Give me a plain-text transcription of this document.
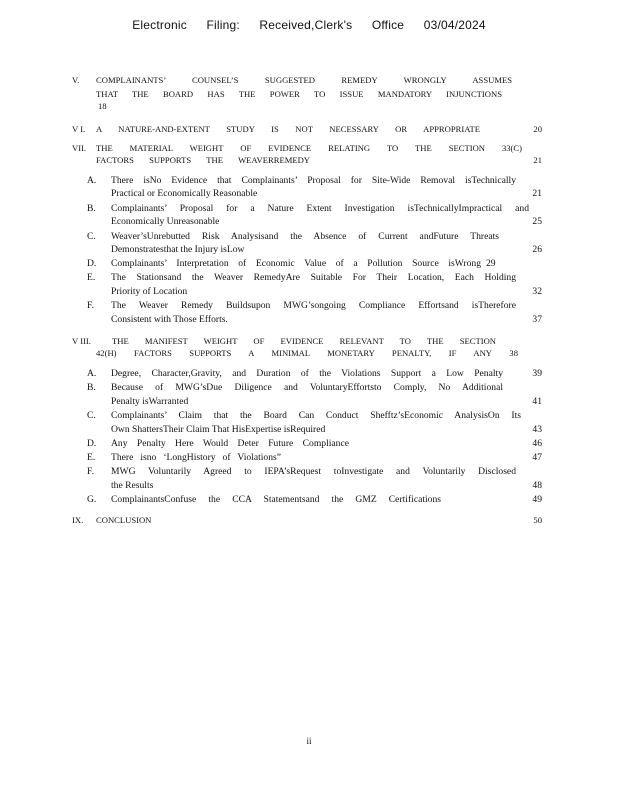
Electronic Filing: Received,Clerk's Office 03/04/2024
V.	COMPLAINANTS’ COUNSEL’S SUGGESTED REMEDY WRONGLY ASSUMES
THAT THE BOARD HAS THE POWER TO ISSUE MANDATORY INJUNCTIONS
18
V I.	A NATURE-AND-EXTENT STUDY IS NOT NECESSARY OR APPROPRIATE	20
VII.	THE MATERIAL WEIGHT OF EVIDENCE RELATING TO THE SECTION 33(C)
FACTORS SUPPORTS THE WEAVERREMEDY	21
A.	There isNo Evidence that Complainants’ Proposal for Site-Wide Removal isTechnically
Practical or Economically Reasonable	21
B.	Complainants’ Proposal for a Nature Extent Investigation isTechnicallyImpractical and
Economically Unreasonable	25
C.	Weaver’sUnrebutted Risk Analysisand the Absence of Current andFuture Threats
Demonstratesthat the Injury isLow	26
D.	Complainants’ Interpretation of Economic Value of a Pollution Source isWrong 29
E.	The Stationsand the Weaver RemedyAre Suitable For Their Location, Each Holding
Priority of Location	32
F.	The Weaver Remedy Buildsupon MWG’songoing Compliance Effortsand isTherefore
Consistent with Those Efforts.	37
V III.	THE MANIFEST WEIGHT OF EVIDENCE RELEVANT TO THE SECTION
42(H) FACTORS SUPPORTS A MINIMAL MONETARY PENALTY, IF ANY	38
A.	Degree, Character,Gravity, and Duration of the Violations Support a Low Penalty	39
B.	Because of MWG’sDue Diligence and VoluntaryEffortsto Comply, No Additional
Penalty isWarranted	41
C.	Complainants’ Claim that the Board Can Conduct Shefftz’sEconomic AnalysisOn Its
Own ShattersTheir Claim That HisExpertise isRequired	43
D.	Any Penalty Here Would Deter Future Compliance	46
E.	There isno ‘LongHistory of Violations”	47
F.	MWG Voluntarily Agreed to IEPA’sRequest toInvestigate and Voluntarily Disclosed
the Results	48
G.	ComplainantsConfuse the CCA Statementsand the GMZ Certifications	49
IX.	CONCLUSION	50
ii
